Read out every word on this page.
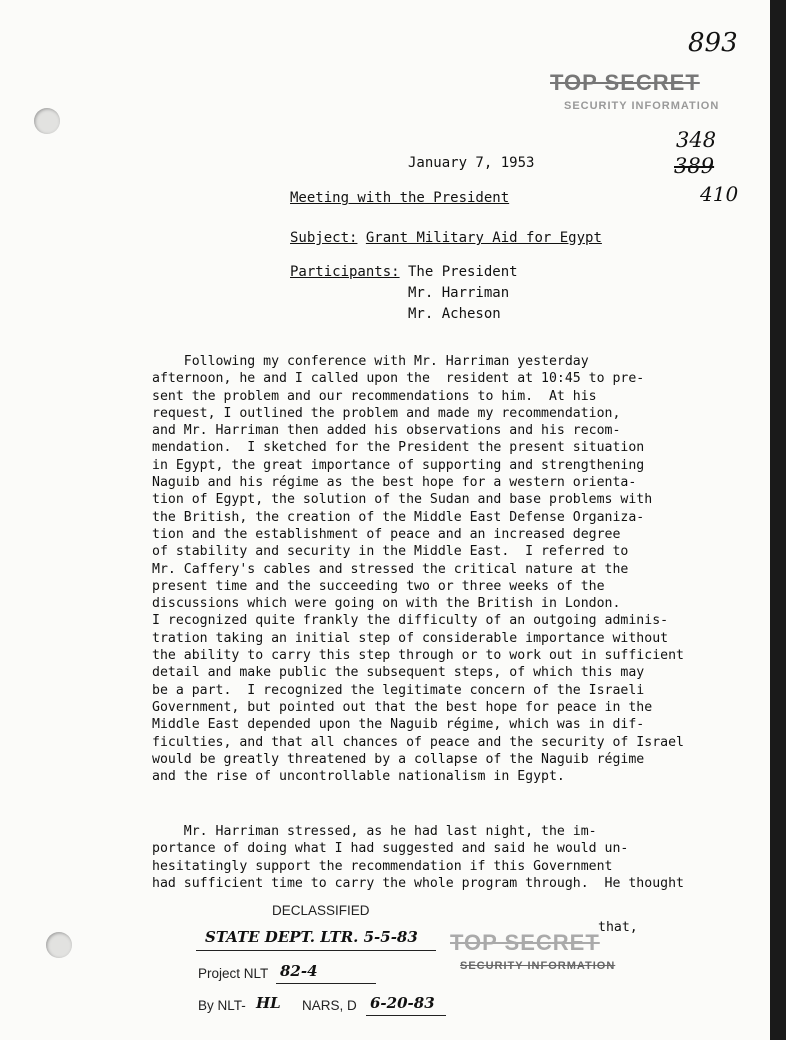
893
348
389
410
TOP SECRET
SECURITY INFORMATION
January 7, 1953
Meeting with the President
Subject: Grant Military Aid for Egypt
Participants: The President
Mr. Harriman
Mr. Acheson
Following my conference with Mr. Harriman yesterday
afternoon, he and I called upon the  resident at 10:45 to pre-
sent the problem and our recommendations to him.  At his
request, I outlined the problem and made my recommendation,
and Mr. Harriman then added his observations and his recom-
mendation.  I sketched for the President the present situation
in Egypt, the great importance of supporting and strengthening
Naguib and his régime as the best hope for a western orienta-
tion of Egypt, the solution of the Sudan and base problems with
the British, the creation of the Middle East Defense Organiza-
tion and the establishment of peace and an increased degree
of stability and security in the Middle East.  I referred to
Mr. Caffery's cables and stressed the critical nature at the
present time and the succeeding two or three weeks of the
discussions which were going on with the British in London.
I recognized quite frankly the difficulty of an outgoing adminis-
tration taking an initial step of considerable importance without
the ability to carry this step through or to work out in sufficient
detail and make public the subsequent steps, of which this may
be a part.  I recognized the legitimate concern of the Israeli
Government, but pointed out that the best hope for peace in the
Middle East depended upon the Naguib régime, which was in dif-
ficulties, and that all chances of peace and the security of Israel
would be greatly threatened by a collapse of the Naguib régime
and the rise of uncontrollable nationalism in Egypt.
Mr. Harriman stressed, as he had last night, the im-
portance of doing what I had suggested and said he would un-
hesitatingly support the recommendation if this Government
had sufficient time to carry the whole program through.  He thought
that,
TOP SECRET
SECURITY INFORMATION
DECLASSIFIED
STATE DEPT. LTR. 5-5-83
Project NLT 82-4
By NLT- HL NARS, D 6-20-83
